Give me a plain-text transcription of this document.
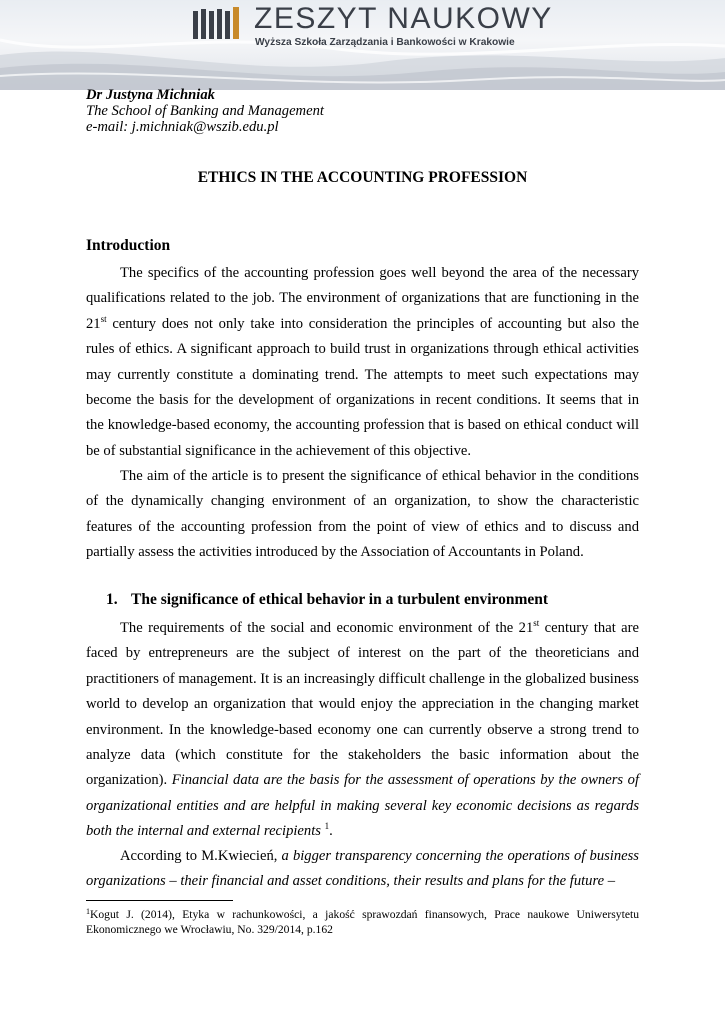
ZESZYT NAUKOWY
Wyższa Szkoła Zarządzania i Bankowości w Krakowie
Dr Justyna Michniak
The School of Banking and Management
e-mail: j.michniak@wszib.edu.pl
ETHICS IN THE ACCOUNTING PROFESSION
Introduction

The specifics of the accounting profession goes well beyond the area of the necessary qualifications related to the job. The environment of organizations that are functioning in the 21st century does not only take into consideration the principles of accounting but also the rules of ethics. A significant approach to build trust in organizations through ethical activities may currently constitute a dominating trend. The attempts to meet such expectations may become the basis for the development of organizations in recent conditions. It seems that in the knowledge-based economy, the accounting profession that is based on ethical conduct will be of substantial significance in the achievement of this objective.

The aim of the article is to present the significance of ethical behavior in the conditions of the dynamically changing environment of an organization, to show the characteristic features of the accounting profession from the point of view of ethics and to discuss and partially assess the activities introduced by the Association of Accountants in Poland.

1. The significance of ethical behavior in a turbulent environment

The requirements of the social and economic environment of the 21st century that are faced by entrepreneurs are the subject of interest on the part of the theoreticians and practitioners of management. It is an increasingly difficult challenge in the globalized business world to develop an organization that would enjoy the appreciation in the changing market environment. In the knowledge-based economy one can currently observe a strong trend to analyze data (which constitute for the stakeholders the basic information about the organization). Financial data are the basis for the assessment of operations by the owners of organizational entities and are helpful in making several key economic decisions as regards both the internal and external recipients $^1$.

According to M.Kwiecień, a bigger transparency concerning the operations of business organizations – their financial and asset conditions, their results and plans for the future –

$^1$Kogut J. (2014), Etyka w rachunkowości, a jakość sprawozdań finansowych, Prace naukowe Uniwersytetu Ekonomicznego we Wrocławiu, No. 329/2014, p.162
